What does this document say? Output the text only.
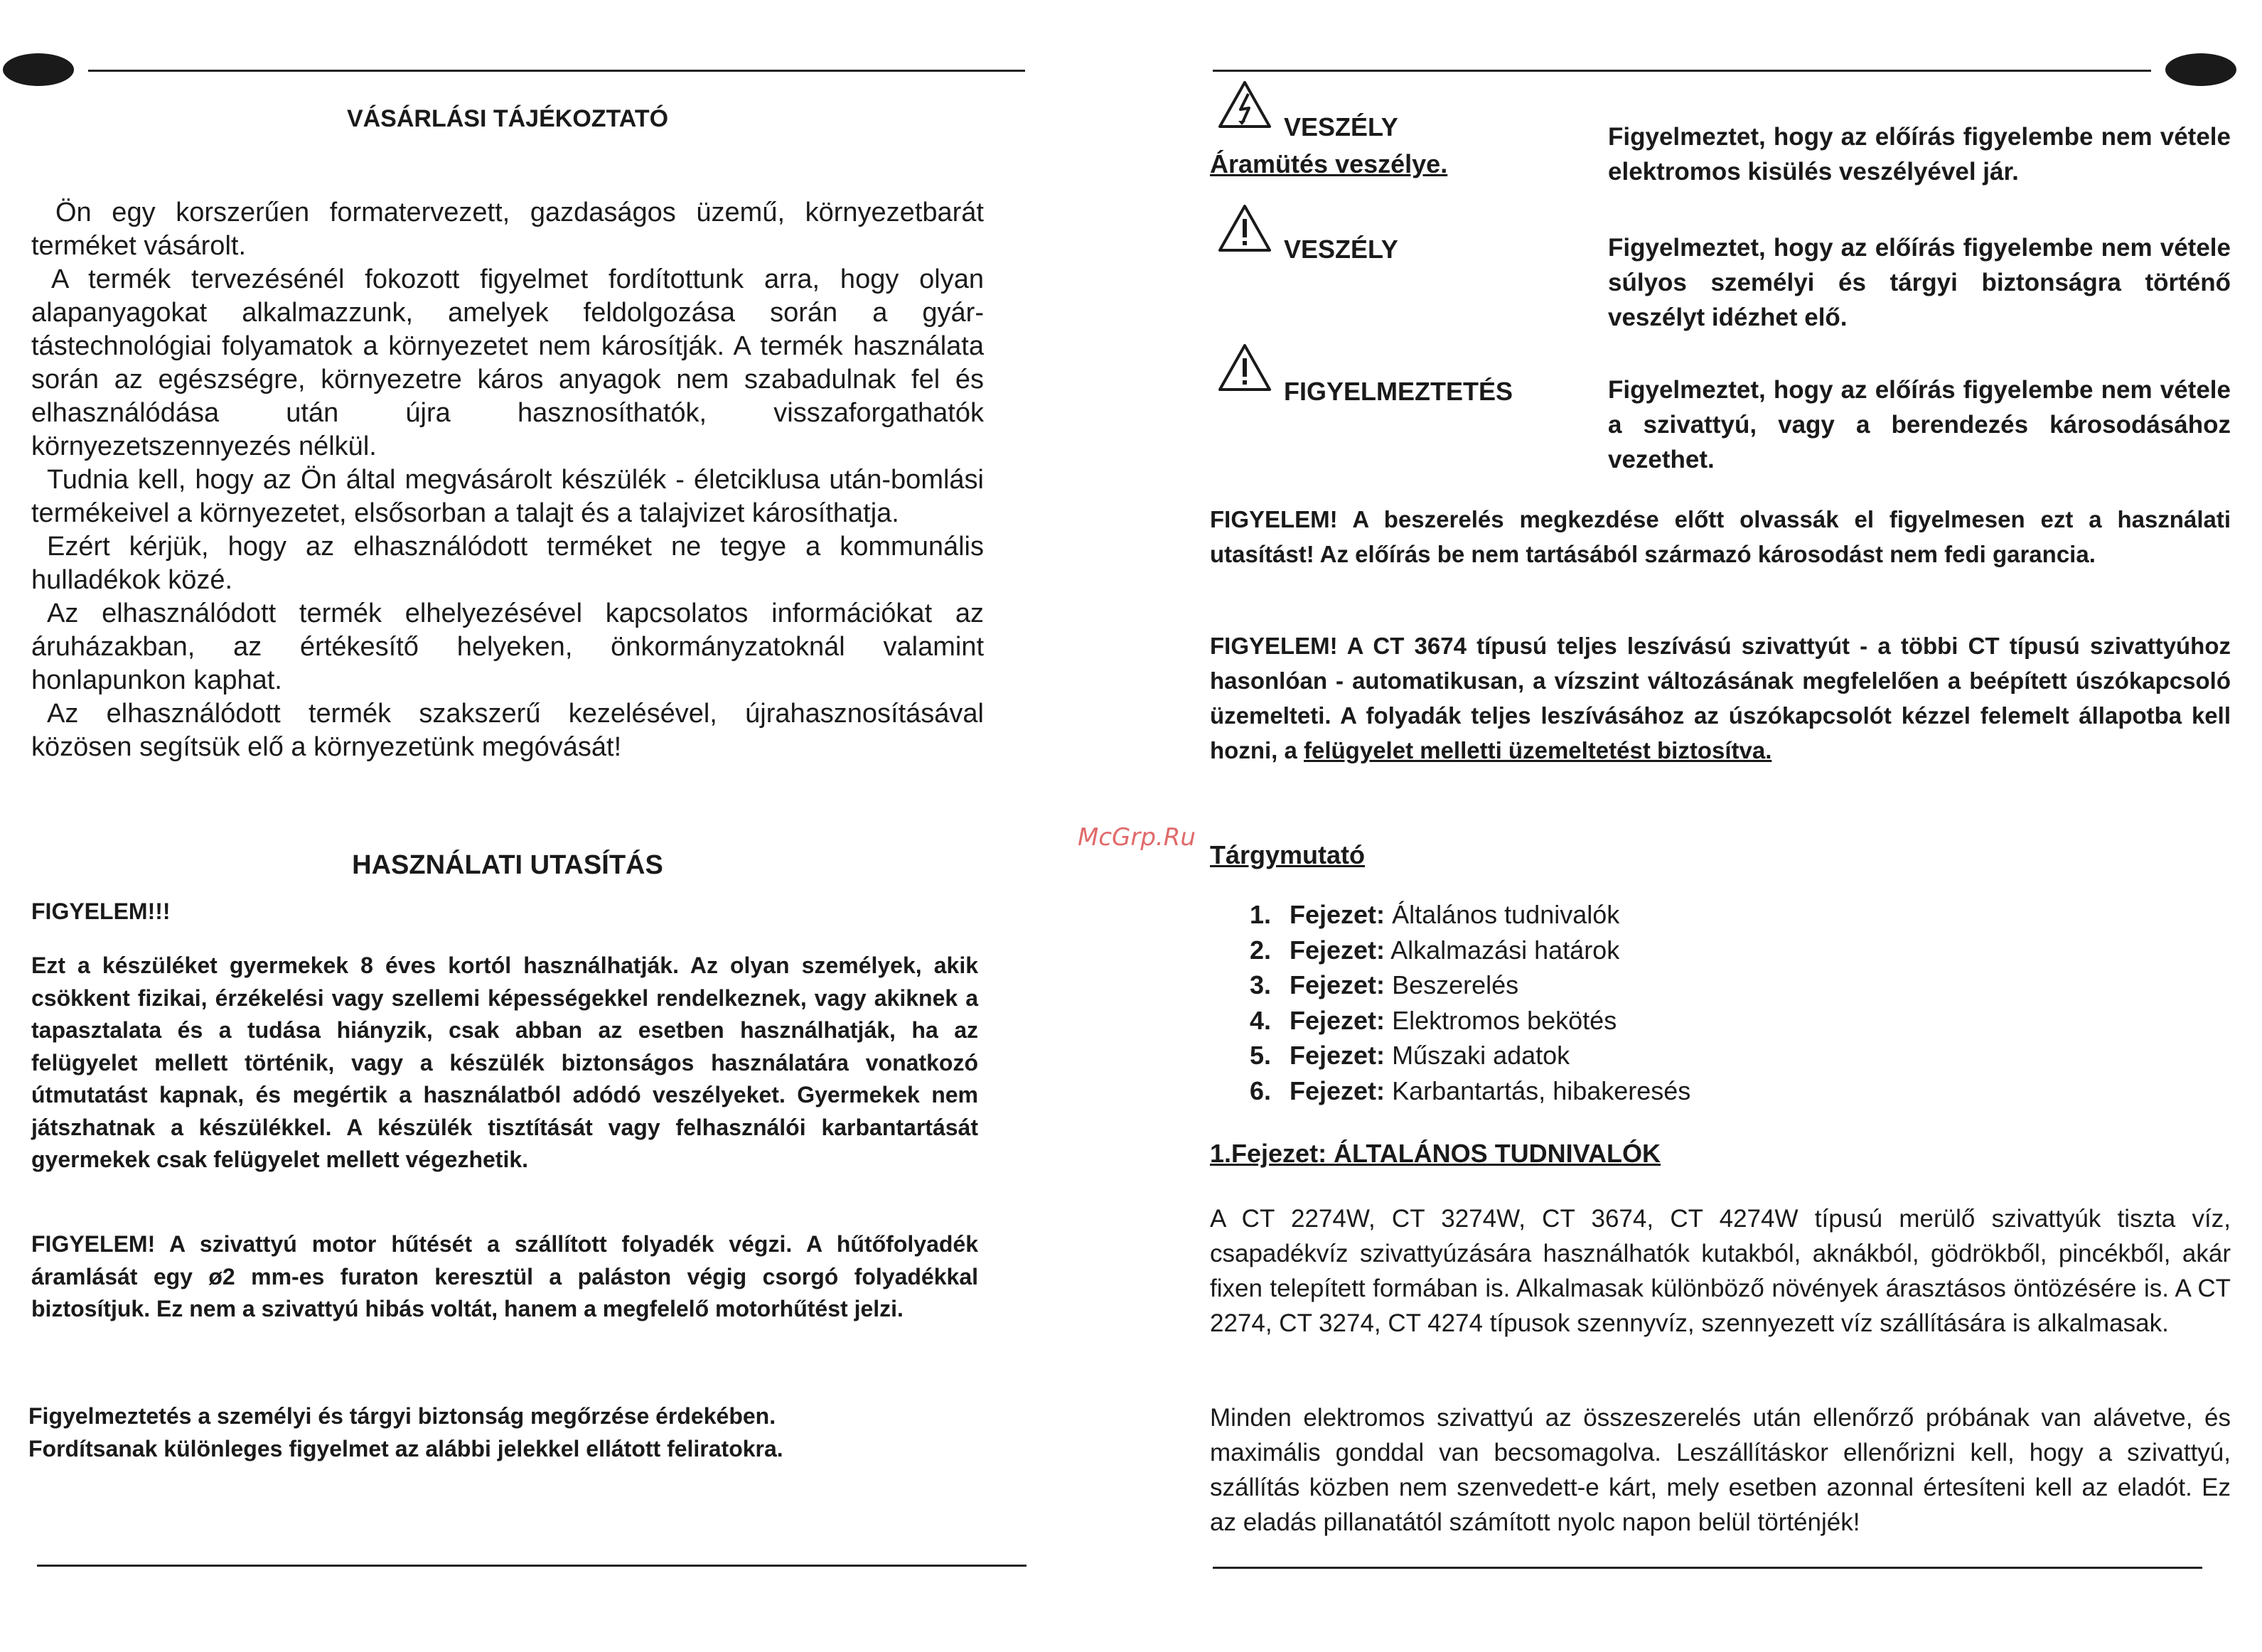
VÁSÁRLÁSI TÁJÉKOZTATÓ

Ön egy korszerűen formatervezett, gazdaságos üzemű, környezetbarát terméket vásárolt.

A termék tervezésénél fokozott figyelmet fordítottunk arra, hogy olyan alapanyagokat alkalmazzunk, amelyek feldolgozása során a gyár-tástechnológiai folyamatok a környezetet nem károsítják. A termék használata során az egészségre, környezetre káros anyagok nem szabadulnak fel és elhasználódása után újra hasznosíthatók, visszaforgathatók környezetszennyezés nélkül.

Tudnia kell, hogy az Ön által megvásárolt készülék - életciklusa után-bomlási termékeivel a környezetet, elsősorban a talajt és a talajvizet károsíthatja.

Ezért kérjük, hogy az elhasználódott terméket ne tegye a kommunális hulladékok közé.

Az elhasználódott termék elhelyezésével kapcsolatos információkat az áruházakban, az értékesítő helyeken, önkormányzatoknál valamint honlapunkon kaphat.

Az elhasználódott termék szakszerű kezelésével, újrahasznosításával közösen segítsük elő a környezetünk megóvását!

HASZNÁLATI UTASÍTÁS
FIGYELEM!!!

Ezt a készüléket gyermekek 8 éves kortól használhatják. Az olyan személyek, akik csökkent fizikai, érzékelési vagy szellemi képességekkel rendelkeznek, vagy akiknek a tapasztalata és a tudása hiányzik, csak abban az esetben használhatják, ha az felügyelet mellett történik, vagy a készülék biztonságos használatára vonatkozó útmutatást kapnak, és megértik a használatból adódó veszélyeket. Gyermekek nem játszhatnak a készülékkel. A készülék tisztítását vagy felhasználói karbantartását gyermekek csak felügyelet mellett végezhetik.

FIGYELEM! A szivattyú motor hűtését a szállított folyadék végzi. A hűtőfolyadék áramlását egy ø2 mm-es furaton keresztül a paláston végig csorgó folyadékkal biztosítjuk. Ez nem a szivattyú hibás voltát, hanem a megfelelő motorhűtést jelzi.

Figyelmeztetés a személyi és tárgyi biztonság megőrzése érdekében.
Fordítsanak különleges figyelmet az alábbi jelekkel ellátott feliratokra.
VESZÉLY
Áramütés veszélye.
Figyelmeztet, hogy az előírás figyelembe nem vétele elektromos kisülés veszélyével jár.
VESZÉLY	Figyelmeztet, hogy az előírás figyelembe nem vétele súlyos személyi és tárgyi biztonságra történő veszélyt idézhet elő.
FIGYELMEZTETÉS	Figyelmeztet, hogy az előírás figyelembe nem vétele a szivattyú, vagy a berendezés károsodásához vezethet.

FIGYELEM! A beszerelés megkezdése előtt olvassák el figyelmesen ezt a használati utasítást! Az előírás be nem tartásából származó károsodást nem fedi garancia.

FIGYELEM! A CT 3674 típusú teljes leszívású szivattyút - a többi CT típusú szivattyúhoz hasonlóan - automatikusan, a vízszint változásának megfelelően a beépített úszókapcsoló üzemelteti. A folyadák teljes leszívásához az úszókapcsolót kézzel felemelt állapotba kell hozni, a felügyelet melletti üzemeltetést biztosítva.

Tárgymutató
1. Fejezet: Általános tudnivalók
2. Fejezet: Alkalmazási határok
3. Fejezet: Beszerelés
4. Fejezet: Elektromos bekötés
5. Fejezet: Műszaki adatok
6. Fejezet: Karbantartás, hibakeresés
1.Fejezet: ÁLTALÁNOS TUDNIVALÓK

A CT 2274W, CT 3274W, CT 3674, CT 4274W típusú merülő szivattyúk tiszta víz, csapadékvíz szivattyúzására használhatók kutakból, aknákból, gödrökből, pincékből, akár fixen telepített formában is. Alkalmasak különböző növények árasztásos öntözésére is. A CT 2274, CT 3274, CT 4274 típusok szennyvíz, szennyezett víz szállítására is alkalmasak.

Minden elektromos szivattyú az összeszerelés után ellenőrző próbának van alávetve, és maximális gonddal van becsomagolva. Leszállításkor ellenőrizni kell, hogy a szivattyú, szállítás közben nem szenvedett-e kárt, mely esetben azonnal értesíteni kell az eladót. Ez az eladás pillanatától számított nyolc napon belül történjék!

McGrp.Ru
